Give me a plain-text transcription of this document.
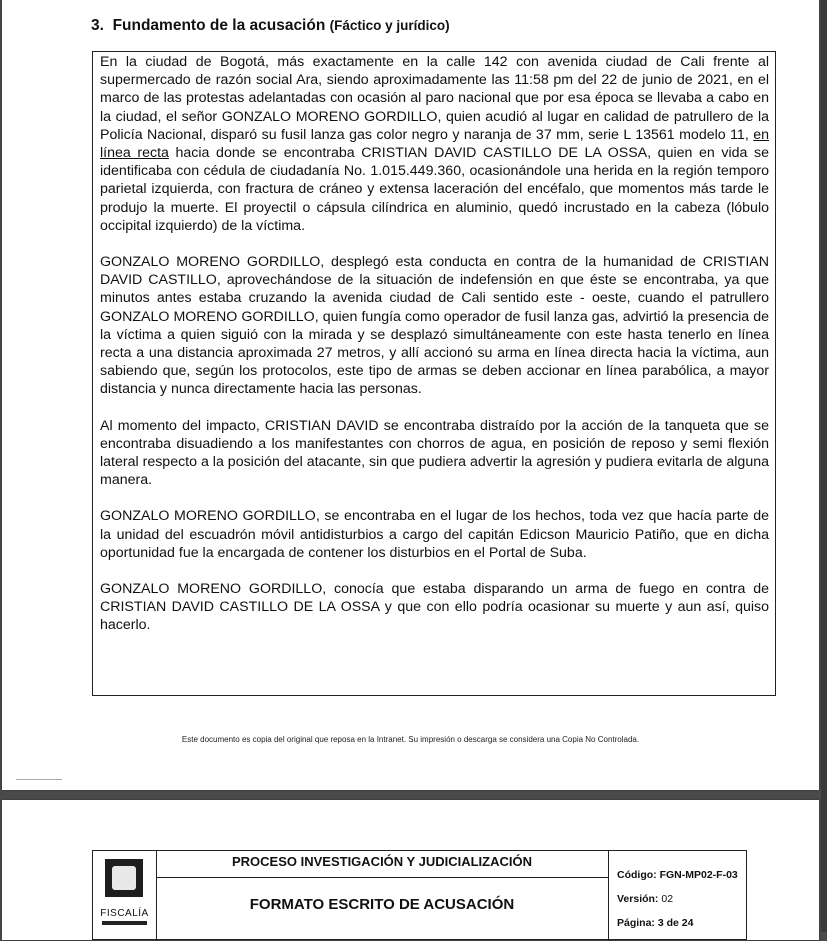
3. Fundamento de la acusación (Fáctico y jurídico)

En la ciudad de Bogotá, más exactamente en la calle 142 con avenida ciudad de Cali frente al supermercado de razón social Ara, siendo aproximadamente las 11:58 pm del 22 de junio de 2021, en el marco de las protestas adelantadas con ocasión al paro nacional que por esa época se llevaba a cabo en la ciudad, el señor GONZALO MORENO GORDILLO, quien acudió al lugar en calidad de patrullero de la Policía Nacional, disparó su fusil lanza gas color negro y naranja de 37 mm, serie L 13561 modelo 11, en línea recta hacia donde se encontraba CRISTIAN DAVID CASTILLO DE LA OSSA, quien en vida se identificaba con cédula de ciudadanía No. 1.015.449.360, ocasionándole una herida en la región temporo parietal izquierda, con fractura de cráneo y extensa laceración del encéfalo, que momentos más tarde le produjo la muerte. El proyectil o cápsula cilíndrica en aluminio, quedó incrustado en la cabeza (lóbulo occipital izquierdo) de la víctima.

GONZALO MORENO GORDILLO, desplegó esta conducta en contra de la humanidad de CRISTIAN DAVID CASTILLO, aprovechándose de la situación de indefensión en que éste se encontraba, ya que minutos antes estaba cruzando la avenida ciudad de Cali sentido este - oeste, cuando el patrullero GONZALO MORENO GORDILLO, quien fungía como operador de fusil lanza gas, advirtió la presencia de la víctima a quien siguió con la mirada y se desplazó simultáneamente con este hasta tenerlo en línea recta a una distancia aproximada 27 metros, y allí accionó su arma en línea directa hacia la víctima, aun sabiendo que, según los protocolos, este tipo de armas se deben accionar en línea parabólica, a mayor distancia y nunca directamente hacia las personas.

Al momento del impacto, CRISTIAN DAVID se encontraba distraído por la acción de la tanqueta que se encontraba disuadiendo a los manifestantes con chorros de agua, en posición de reposo y semi flexión lateral respecto a la posición del atacante, sin que pudiera advertir la agresión y pudiera evitarla de alguna manera.

GONZALO MORENO GORDILLO, se encontraba en el lugar de los hechos, toda vez que hacía parte de la unidad del escuadrón móvil antidisturbios a cargo del capitán Edicson Mauricio Patiño, que en dicha oportunidad fue la encargada de contener los disturbios en el Portal de Suba.

GONZALO MORENO GORDILLO, conocía que estaba disparando un arma de fuego en contra de CRISTIAN DAVID CASTILLO DE LA OSSA y que con ello podría ocasionar su muerte y aun así, quiso hacerlo.

Este documento es copia del original que reposa en la Intranet. Su impresión o descarga se considera una Copia No Controlada.
FISCALÍA
PROCESO INVESTIGACIÓN Y JUDICIALIZACIÓN
FORMATO ESCRITO DE ACUSACIÓN
Código: FGN-MP02-F-03
Versión: 02
Página: 3 de 24
